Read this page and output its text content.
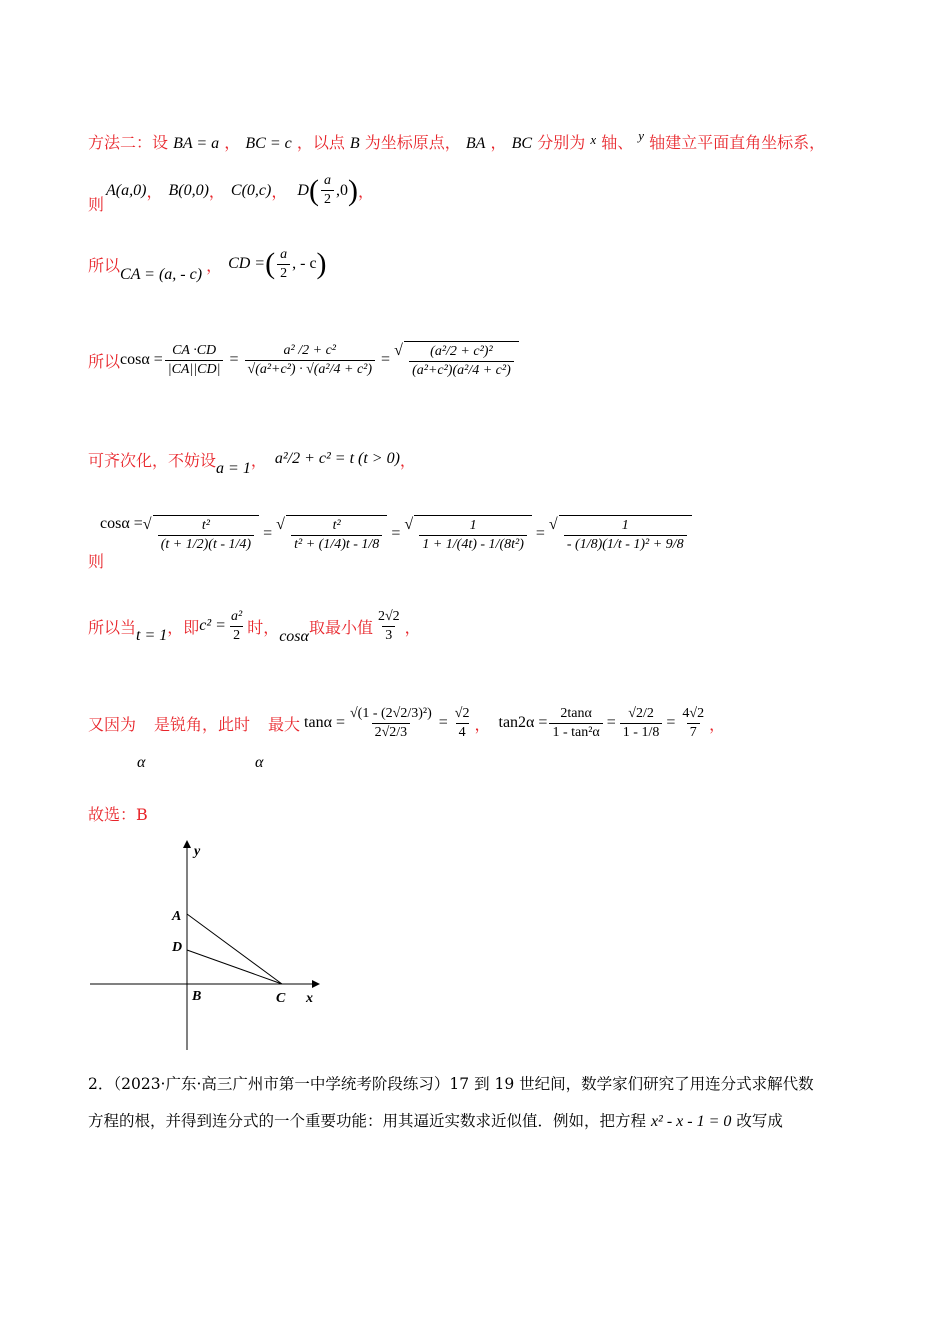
方法二：设 BA = a ， BC = c ，以点 B 为坐标原点， BA ， BC 分别为 $^x$ 轴、 $^y$ 轴建立平面直角坐标系，
则
A(a,0) ， B(0,0) ， C(0,c) ， D ( $\frac{a}{2} ,0$ ) ，
所以 CA = (a, - c) ， CD = ( $\frac{a}{2}$ , - c )
所以 $\cos\alpha = \frac{CA \cdot CD}{|CA||CD|} = \frac{\text{a² /2 + c²}}{\text{√(a²+c²) · √(a²/4 + c²)}}$ = √ $\frac{\text{(a²/2 + c²)²}}{\text{(a²+c²)(a²/4 + c²)}}$
可齐次化，不妨设 a = 1 ， a²/2 + c² = t (t > 0) ，
则
cosα = √ $\frac{\text{t²}}{(t + 1/2)(t - 1/4)}$ = √ $\frac{\text{t²}}{\text{t² + (1/4)t - 1/8}}$ = √ $\frac{1}{\text{1 + 1/(4t) - 1/(8t²)}}$ = √ $\frac{1}{\text{- (1/8)(1/t - 1)² + 9/8}}$
所以当 t = 1 ，即 $c^2 = \frac{\text{a²}}{2}$ 时， cosα 取最小值 $\frac{2√2}{3}$ ，
又因为 是锐角，此时 最大 $\tan\alpha = \frac{\text{√(1 - (2√2/3)²)}}{2√2/3} = \frac{√2}{4}$ ， $\tan 2\alpha = \frac{2\tan\alpha}{\text{1 - tan²α}} = \frac{√2/2}{1 - 1/8} = \frac{4√2}{7}$ ，
α	α
故选：B
y
x
A
D
B	C
2．（2023·广东·高三广州市第一中学统考阶段练习）17 到 19 世纪间，数学家们研究了用连分式求解代数
方程的根，并得到连分式的一个重要功能：用其逼近实数求近似值．例如，把方程 x² - x - 1 = 0 改写成
